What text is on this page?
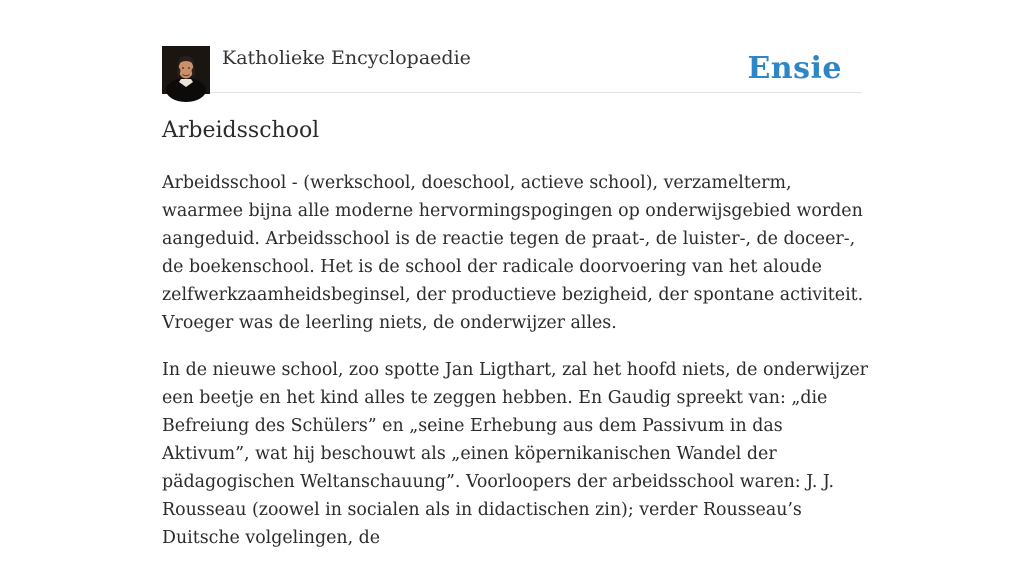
Katholieke Encyclopaedie	Ensie
Arbeidsschool

Arbeidsschool - (werkschool, doeschool, actieve school), verzamelterm, waarmee bijna alle moderne hervormingspogingen op onderwijsgebied worden aangeduid. Arbeidsschool is de reactie tegen de praat-, de luister-, de doceer-, de boekenschool. Het is de school der radicale doorvoering van het aloude zelfwerkzaamheidsbeginsel, der productieve bezigheid, der spontane activiteit. Vroeger was de leerling niets, de onderwijzer alles.

In de nieuwe school, zoo spotte Jan Ligthart, zal het hoofd niets, de onderwijzer een beetje en het kind alles te zeggen hebben. En Gaudig spreekt van: „die Befreiung des Schülers” en „seine Erhebung aus dem Passivum in das Aktivum”, wat hij beschouwt als „einen köpernikanischen Wandel der pädagogischen Weltanschauung”. Voorloopers der arbeidsschool waren: J. J. Rousseau (zoowel in socialen als in didactischen zin); verder Rousseau’s Duitsche volgelingen, de
